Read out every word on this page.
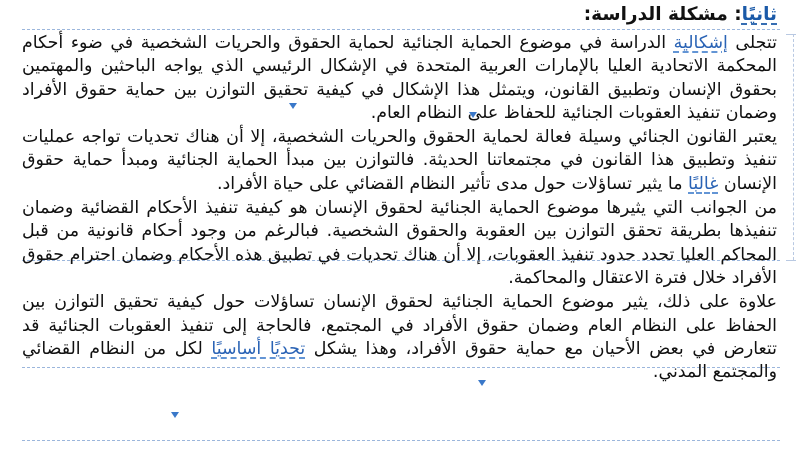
ثانيًا: مشكلة الدراسة:

تتجلى إشكالية الدراسة في موضوع الحماية الجنائية لحماية الحقوق والحريات الشخصية في ضوء أحكام المحكمة الاتحادية العليا بالإمارات العربية المتحدة في الإشكال الرئيسي الذي يواجه الباحثين والمهتمين بحقوق الإنسان وتطبيق القانون، ويتمثل هذا الإشكال في كيفية تحقيق التوازن بين حماية حقوق الأفراد وضمان تنفيذ العقوبات الجنائية للحفاظ على النظام العام.

يعتبر القانون الجنائي وسيلة فعالة لحماية الحقوق والحريات الشخصية، إلا أن هناك تحديات تواجه عمليات تنفيذ وتطبيق هذا القانون في مجتمعاتنا الحديثة. فالتوازن بين مبدأ الحماية الجنائية ومبدأ حماية حقوق الإنسان غالبًا ما يثير تساؤلات حول مدى تأثير النظام القضائي على حياة الأفراد.

من الجوانب التي يثيرها موضوع الحماية الجنائية لحقوق الإنسان هو كيفية تنفيذ الأحكام القضائية وضمان تنفيذها بطريقة تحقق التوازن بين العقوبة والحقوق الشخصية. فبالرغم من وجود أحكام قانونية من قبل المحاكم العليا تحدد حدود تنفيذ العقوبات، إلا أن هناك تحديات في تطبيق هذه الأحكام وضمان احترام حقوق الأفراد خلال فترة الاعتقال والمحاكمة.

علاوة على ذلك، يثير موضوع الحماية الجنائية لحقوق الإنسان تساؤلات حول كيفية تحقيق التوازن بين الحفاظ على النظام العام وضمان حقوق الأفراد في المجتمع، فالحاجة إلى تنفيذ العقوبات الجنائية قد تتعارض في بعض الأحيان مع حماية حقوق الأفراد، وهذا يشكل تحديًا أساسيًا لكل من النظام القضائي والمجتمع المدني.
